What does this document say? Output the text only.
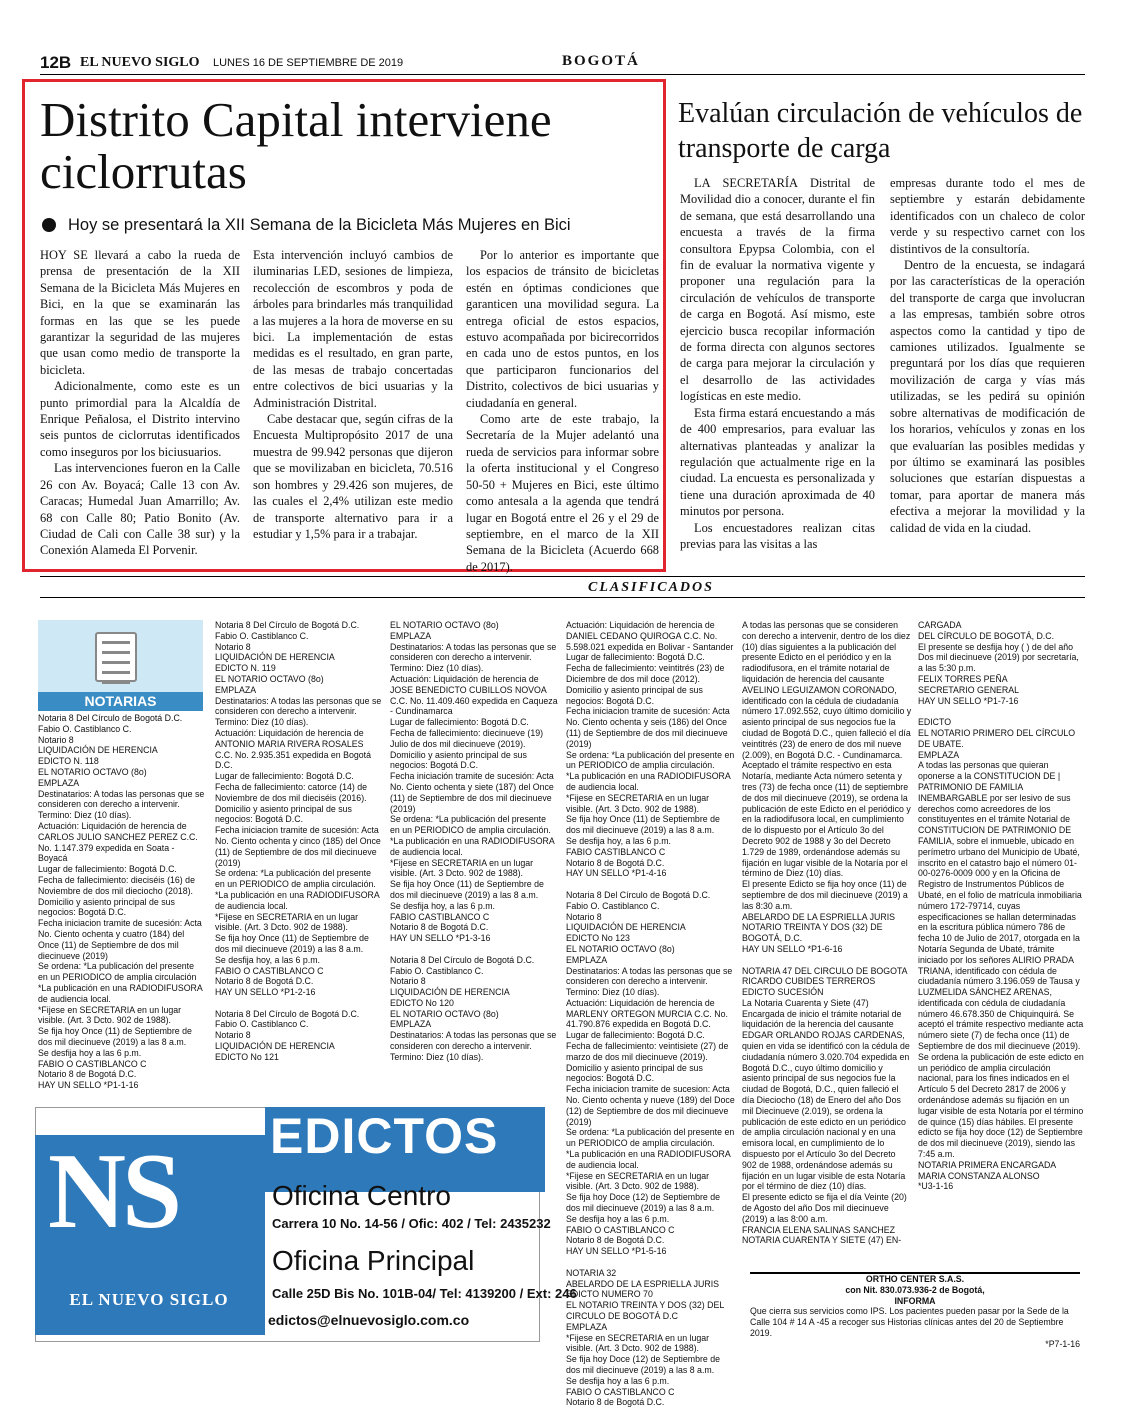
12B EL NUEVO SIGLO LUNES 16 DE SEPTIEMBRE DE 2019	BOGOTÁ
Distrito Capital interviene ciclorrutas
Hoy se presentará la XII Semana de la Bicicleta Más Mujeres en Bici

HOY SE llevará a cabo la rueda de prensa de presentación de la XII Semana de la Bicicleta Más Mujeres en Bici, en la que se examinarán las formas en las que se les puede garantizar la seguridad de las mujeres que usan como medio de transporte la bicicleta.

Adicionalmente, como este es un punto primordial para la Alcaldía de Enrique Peñalosa, el Distrito intervino seis puntos de ciclorrutas identificados como inseguros por los biciusuarios.

Las intervenciones fueron en la Calle 26 con Av. Boyacá; Calle 13 con Av. Caracas; Humedal Juan Amarrillo; Av. 68 con Calle 80; Patio Bonito (Av. Ciudad de Cali con Calle 38 sur) y la Conexión Alameda El Porvenir.

Esta intervención incluyó cambios de iluminarias LED, sesiones de limpieza, recolección de escombros y poda de árboles para brindarles más tranquilidad a las mujeres a la hora de moverse en su bici. La implementación de estas medidas es el resultado, en gran parte, de las mesas de trabajo concertadas entre colectivos de bici usuarias y la Administración Distrital.

Cabe destacar que, según cifras de la Encuesta Multipropósito 2017 de una muestra de 99.942 personas que dijeron que se movilizaban en bicicleta, 70.516 son hombres y 29.426 son mujeres, de las cuales el 2,4% utilizan este medio de transporte alternativo para ir a estudiar y 1,5% para ir a trabajar.

Por lo anterior es importante que los espacios de tránsito de bicicletas estén en óptimas condiciones que garanticen una movilidad segura. La entrega oficial de estos espacios, estuvo acompañada por bicirecorridos en cada uno de estos puntos, en los que participaron funcionarios del Distrito, colectivos de bici usuarias y ciudadanía en general.

Como arte de este trabajo, la Secretaría de la Mujer adelantó una rueda de servicios para informar sobre la oferta institucional y el Congreso 50-50 + Mujeres en Bici, este último como antesala a la agenda que tendrá lugar en Bogotá entre el 26 y el 29 de septiembre, en el marco de la XII Semana de la Bicicleta (Acuerdo 668 de 2017).

Evalúan circulación de vehículos de transporte de carga

LA SECRETARÍA Distrital de Movilidad dio a conocer, durante el fin de semana, que está desarrollando una encuesta a través de la firma consultora Epypsa Colombia, con el fin de evaluar la normativa vigente y proponer una regulación para la circulación de vehículos de transporte de carga en Bogotá. Así mismo, este ejercicio busca recopilar información de forma directa con algunos sectores de carga para mejorar la circulación y el desarrollo de las actividades logísticas en este medio.

Esta firma estará encuestando a más de 400 empresarios, para evaluar las alternativas planteadas y analizar la regulación que actualmente rige en la ciudad. La encuesta es personalizada y tiene una duración aproximada de 40 minutos por persona.

Los encuestadores realizan citas previas para las visitas a las

empresas durante todo el mes de septiembre y estarán debidamente identificados con un chaleco de color verde y su respectivo carnet con los distintivos de la consultoría.

Dentro de la encuesta, se indagará por las características de la operación del transporte de carga que involucran a las empresas, también sobre otros aspectos como la cantidad y tipo de camiones utilizados. Igualmente se preguntará por los días que requieren movilización de carga y vías más utilizadas, se les pedirá su opinión sobre alternativas de modificación de los horarios, vehículos y zonas en los que evaluarían las posibles medidas y por último se examinará las posibles soluciones que estarían dispuestas a tomar, para aportar de manera más efectiva a mejorar la movilidad y la calidad de vida en la ciudad.

CLASIFICADOS
NOTARIAS
Notaria 8 Del Círculo de Bogotá D.C.
Fabio O. Castiblanco C.
Notario 8
LIQUIDACIÓN DE HERENCIA
EDICTO N. 118
EL NOTARIO OCTAVO (8o)
EMPLAZA
Destinatarios: A todas las personas que se consideren con derecho a intervenir. Termino: Diez (10 días).
Actuación: Liquidación de herencia de CARLOS JULIO SANCHEZ PEREZ C.C. No. 1.147.379 expedida en Soata - Boyacá
Lugar de fallecimiento: Bogotá D.C.
Fecha de fallecimiento: dieciséis (16) de Noviembre de dos mil dieciocho (2018).
Domicilio y asiento principal de sus negocios: Bogotá D.C.
Fecha iniciacion tramite de sucesión: Acta No. Ciento ochenta y cuatro (184) del Once (11) de Septiembre de dos mil diecinueve (2019)
Se ordena: *La publicación del presente en un PERIODICO de amplia circulación
*La publicación en una RADIODIFUSORA de audiencia local.
*Fijese en SECRETARIA en un lugar visible. (Art. 3 Dcto. 902 de 1988).
Se fija hoy Once (11) de Septiembre de dos mil diecinueve (2019) a las 8 a.m.
Se desfija hoy a las 6 p.m.
FABIO O CASTIBLANCO C
Notario 8 de Bogotá D.C.
HAY UN SELLO *P1-1-16
Notaria 8 Del Círculo de Bogotá D.C.
Fabio O. Castiblanco C.
Notario 8
LIQUIDACIÓN DE HERENCIA
EDICTO N. 119
EL NOTARIO OCTAVO (8o)
EMPLAZA
Destinatarios: A todas las personas que se consideren con derecho a intervenir. Termino: Diez (10 días).
Actuación: Liquidación de herencia de ANTONIO MARIA RIVERA ROSALES C.C. No. 2.935.351 expedida en Bogotá D.C.
Lugar de fallecimiento: Bogotá D.C.
Fecha de fallecimiento: catorce (14) de Noviembre de dos mil dieciséis (2016).
Domicilio y asiento principal de sus negocios: Bogotá D.C.
Fecha iniciacion tramite de sucesión: Acta No. Ciento ochenta y cinco (185) del Once (11) de Septiembre de dos mil diecinueve (2019)
Se ordena: *La publicación del presente en un PERIODICO de amplia circulación.
*La publicación en una RADIODIFUSORA de audiencia local.
*Fijese en SECRETARIA en un lugar visible. (Art. 3 Dcto. 902 de 1988).
Se fija hoy Once (11) de Septiembre de dos mil diecinueve (2019) a las 8 a.m.
Se desfija hoy, a las 6 p.m.
FABIO O CASTIBLANCO C
Notario 8 de Bogotá D.C.
HAY UN SELLO *P1-2-16

Notaria 8 Del Círculo de Bogotá D.C.
Fabio O. Castiblanco C.
Notario 8
LIQUIDACIÓN DE HERENCIA
EDICTO No 121
EL NOTARIO OCTAVO (8o)
EMPLAZA
Destinatarios: A todas las personas que se consideren con derecho a intervenir. Termino: Diez (10 días).
Actuación: Liquidación de herencia de JOSE BENEDICTO CUBILLOS NOVOA C.C. No. 11.409.460 expedida en Caqueza - Cundinamarca
Lugar de fallecimiento: Bogotá D.C.
Fecha de fallecimiento: diecinueve (19) Julio de dos mil diecinueve (2019).
Domicilio y asiento principal de sus negocios: Bogotá D.C.
Fecha iniciación tramite de sucesión: Acta No. Ciento ochenta y siete (187) del Once (11) de Septiembre de dos mil diecinueve (2019)
Se ordena: *La publicación del presente en un PERIODICO de amplia circulación.
*La publicación en una RADIODIFUSORA de audiencia local.
*Fijese en SECRETARIA en un lugar visible. (Art. 3 Dcto. 902 de 1988).
Se fija hoy Once (11) de Septiembre de dos mil diecinueve (2019) a las 8 a.m.
Se desfija hoy, a las 6 p.m.
FABIO CASTIBLANCO C
Notario 8 de Bogotá D.C.
HAY UN SELLO *P1-3-16

Notaria 8 Del Círculo de Bogotá D.C.
Fabio O. Castiblanco C.
Notario 8
LIQUIDACIÓN DE HERENCIA
EDICTO No 120
EL NOTARIO OCTAVO (8o)
EMPLAZA
Destinatarios: A todas las personas que se consideren con derecho a intervenir. Termino: Diez (10 días).
Actuación: Liquidación de herencia de DANIEL CEDANO QUIROGA C.C. No. 5.598.021 expedida en Bolivar - Santander
Lugar de fallecimiento: Bogotá D.C.
Fecha de fallecimiento: veintitrés (23) de Diciembre de dos mil doce (2012).
Domicilio y asiento principal de sus negocios: Bogotá D.C.
Fecha iniciacion tramite de sucesión: Acta No. Ciento ochenta y seis (186) del Once (11) de Septiembre de dos mil diecinueve (2019)
Se ordena: *La publicación del presente en un PERIODICO de amplia circulación.
*La publicación en una RADIODIFUSORA de audiencia local.
*Fijese en SECRETARIA en un lugar visible. (Art. 3 Dcto. 902 de 1988).
Se fija hoy Once (11) de Septiembre de dos mil diecinueve (2019) a las 8 a.m.
Se desfija hoy, a las 6 p.m.
FABIO CASTIBLANCO C
Notario 8 de Bogotá D.C.
HAY UN SELLO *P1-4-16

Notaria 8 Del Círculo de Bogotá D.C.
Fabio O. Castiblanco C.
Notario 8
LIQUIDACIÓN DE HERENCIA
EDICTO No 123
EL NOTARIO OCTAVO (8o)
EMPLAZA
Destinatarios: A todas las personas que se consideren con derecho a intervenir. Termino: Diez (10 días).
Actuación: Liquidación de herencia de MARLENY ORTEGON MURCIA C.C. No. 41.790.876 expedida en Bogotá D.C.
Lugar de fallecimiento: Bogotá D.C.
Fecha de fallecimiento: veintisiete (27) de marzo de dos mil diecinueve (2019).
Domicilio y asiento principal de sus negocios: Bogotá D.C.
Fecha iniciacion tramite de sucesion: Acta No. Ciento ochenta y nueve (189) del Doce (12) de Septiembre de dos mil diecinueve (2019)
Se ordena: *La publicación del presente en un PERIODICO de amplia circulación.
*La publicación en una RADIODIFUSORA de audiencia local.
*Fijese en SECRETARIA en un lugar visible. (Art. 3 Dcto. 902 de 1988).
Se fija hoy Doce (12) de Septiembre de dos mil diecinueve (2019) a las 8 a.m.
Se desfija hoy a las 6 p.m.
FABIO O CASTIBLANCO C
Notario 8 de Bogotá D.C.
HAY UN SELLO *P1-5-16

NOTARIA 32
ABELARDO DE LA ESPRIELLA JURIS
EDICTO NUMERO 70
EL NOTARIO TREINTA Y DOS (32) DEL CIRCULO DE BOGOTÁ D.C
EMPLAZA
*Fijese en SECRETARIA en un lugar visible. (Art. 3 Dcto. 902 de 1988).
Se fija hoy Doce (12) de Septiembre de dos mil diecinueve (2019) a las 8 a.m.
Se desfija hoy a las 6 p.m.
FABIO O CASTIBLANCO C
Notario 8 de Bogotá D.C.
A todas las personas que se consideren con derecho a intervenir, dentro de los diez (10) días siguientes a la publicación del presente Edicto en el periódico y en la radiodifusora, en el trámite notarial de liquidación de herencia del causante AVELINO LEGUIZAMON CORONADO, identificado con la cédula de ciudadanía número 17.092.552, cuyo último domicilio y asiento principal de sus negocios fue la ciudad de Bogotá D.C., quien falleció el día veintitrés (23) de enero de dos mil nueve (2.009), en Bogotá D.C. - Cundinamarca.
Aceptado el trámite respectivo en esta Notaría, mediante Acta número setenta y tres (73) de fecha once (11) de septiembre de dos mil diecinueve (2019), se ordena la publicación de este Edicto en el periódico y en la radiodifusora local, en cumplimiento de lo dispuesto por el Artículo 3o del Decreto 902 de 1988 y 3o del Decreto 1.729 de 1989, ordenándose además su fijación en lugar visible de la Notaría por el término de Diez (10) días.
El presente Edicto se fija hoy once (11) de septiembre de dos mil diecinueve (2019) a las 8:30 a.m.
ABELARDO DE LA ESPRIELLA JURIS
NOTARIO TREINTA Y DOS (32) DE BOGOTÁ, D.C.
HAY UN SELLO *P1-6-16

NOTARIA 47 DEL CIRCULO DE BOGOTA
RICARDO CUBIDES TERREROS
EDICTO SUCESIÓN
La Notaria Cuarenta y Siete (47) Encargada de inicio el trámite notarial de liquidación de la herencia del causante EDGAR ORLANDO ROJAS CARDENAS, quien en vida se identificó con la cédula de ciudadanía número 3.020.704 expedida en Bogotá D.C., cuyo último domicilio y asiento principal de sus negocios fue la ciudad de Bogotá, D.C., quien falleció el día Dieciocho (18) de Enero del año Dos mil Diecinueve (2.019), se ordena la publicación de este edicto en un periódico de amplia circulación nacional y en una emisora local, en cumplimiento de lo dispuesto por el Artículo 3o del Decreto 902 de 1988, ordenándose además su fijación en un lugar visible de esta Notaría por el término de diez (10) días.
El presente edicto se fija el día Veinte (20) de Agosto del año Dos mil diecinueve (2019) a las 8:00 a.m.
FRANCIA ELENA SALINAS SANCHEZ
NOTARIA CUARENTA Y SIETE (47) EN-
CARGADA
DEL CÍRCULO DE BOGOTÁ, D.C.
El presente se desfija hoy ( ) de del año Dos mil diecinueve (2019) por secretaría, a las 5:30 p.m.
FELIX TORRES PEÑA
SECRETARIO GENERAL
HAY UN SELLO *P1-7-16

EDICTO
EL NOTARIO PRIMERO DEL CÍRCULO DE UBATE.
EMPLAZA
A todas las personas que quieran oponerse a la CONSTITUCION DE | PATRIMONIO DE FAMILIA INEMBARGABLE por ser lesivo de sus derechos como acreedores de los constituyentes en el trámite Notarial de CONSTITUCION DE PATRIMONIO DE FAMILIA, sobre el inmueble, ubicado en perímetro urbano del Municipio de Ubaté, inscrito en el catastro bajo el número 01-00-0276-0009 000 y en la Oficina de Registro de Instrumentos Públicos de Ubaté, en el folio de matrícula inmobiliaria número 172-79714, cuyas especificaciones se hallan determinadas en la escritura pública número 786 de fecha 10 de Julio de 2017, otorgada en la Notaría Segunda de Ubaté, trámite iniciado por los señores ALIRIO PRADA TRIANA, identificado con cédula de ciudadanía número 3.196.059 de Tausa y LUZMELIDA SÁNCHEZ ARENAS, identificada con cédula de ciudadanía número 46.678.350 de Chiquinquirá. Se aceptó el trámite respectivo mediante acta número siete (7) de fecha once (11) de Septiembre de dos mil diecinueve (2019). Se ordena la publicación de este edicto en un periódico de amplia circulación nacional, para los fines indicados en el Artículo 5 del Decreto 2817 de 2006 y ordenándose además su fijación en un lugar visible de esta Notaría por el término de quince (15) días hábiles. El presente edicto se fija hoy doce (12) de Septiembre de dos mil diecinueve (2019), siendo las 7:45 a.m.
NOTARIA PRIMERA ENCARGADA
MARIA CONSTANZA ALONSO
*U3-1-16
ORTHO CENTER S.A.S.
con Nit. 830.073.936-2 de Bogotá,
INFORMA
Que cierra sus servicios como IPS. Los pacientes pueden pasar por la Sede de la Calle 104 # 14 A -45 a recoger sus Historias clínicas antes del 20 de Septiembre 2019.
*P7-1-16
NS
EL NUEVO SIGLO
EDICTOS
Oficina Centro
Carrera 10 No. 14-56 / Ofic: 402 / Tel: 2435232
Oficina Principal
Calle 25D Bis No. 101B-04/ Tel: 4139200 / Ext: 246
edictos@elnuevosiglo.com.co
